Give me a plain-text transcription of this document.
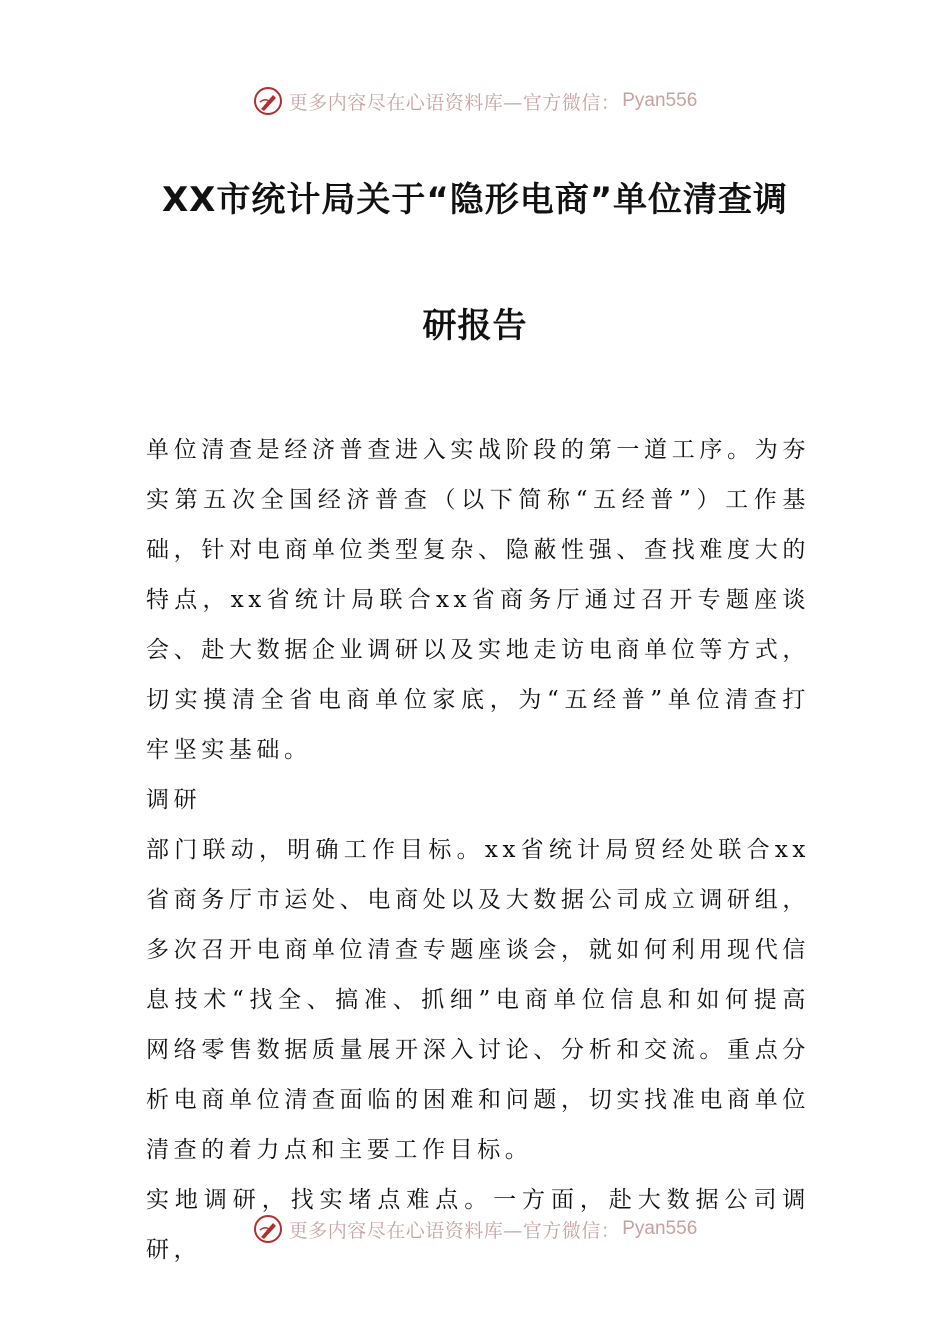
更多内容尽在心语资料库—官方微信： Pyan556
XX市统计局关于“隐形电商”单位清查调
研报告

单位清查是经济普查进入实战阶段的第一道工序。为夯实第五次全国经济普查（以下简称“五经普”）工作基础，针对电商单位类型复杂、隐蔽性强、查找难度大的特点，xx省统计局联合xx省商务厅通过召开专题座谈会、赴大数据企业调研以及实地走访电商单位等方式，切实摸清全省电商单位家底，为“五经普”单位清查打牢坚实基础。

调研

部门联动，明确工作目标。xx省统计局贸经处联合xx省商务厅市运处、电商处以及大数据公司成立调研组，多次召开电商单位清查专题座谈会，就如何利用现代信息技术“找全、搞准、抓细”电商单位信息和如何提高网络零售数据质量展开深入讨论、分析和交流。重点分析电商单位清查面临的困难和问题，切实找准电商单位清查的着力点和主要工作目标。

实地调研，找实堵点难点。一方面，赴大数据公司调研，

更多内容尽在心语资料库—官方微信： Pyan556
